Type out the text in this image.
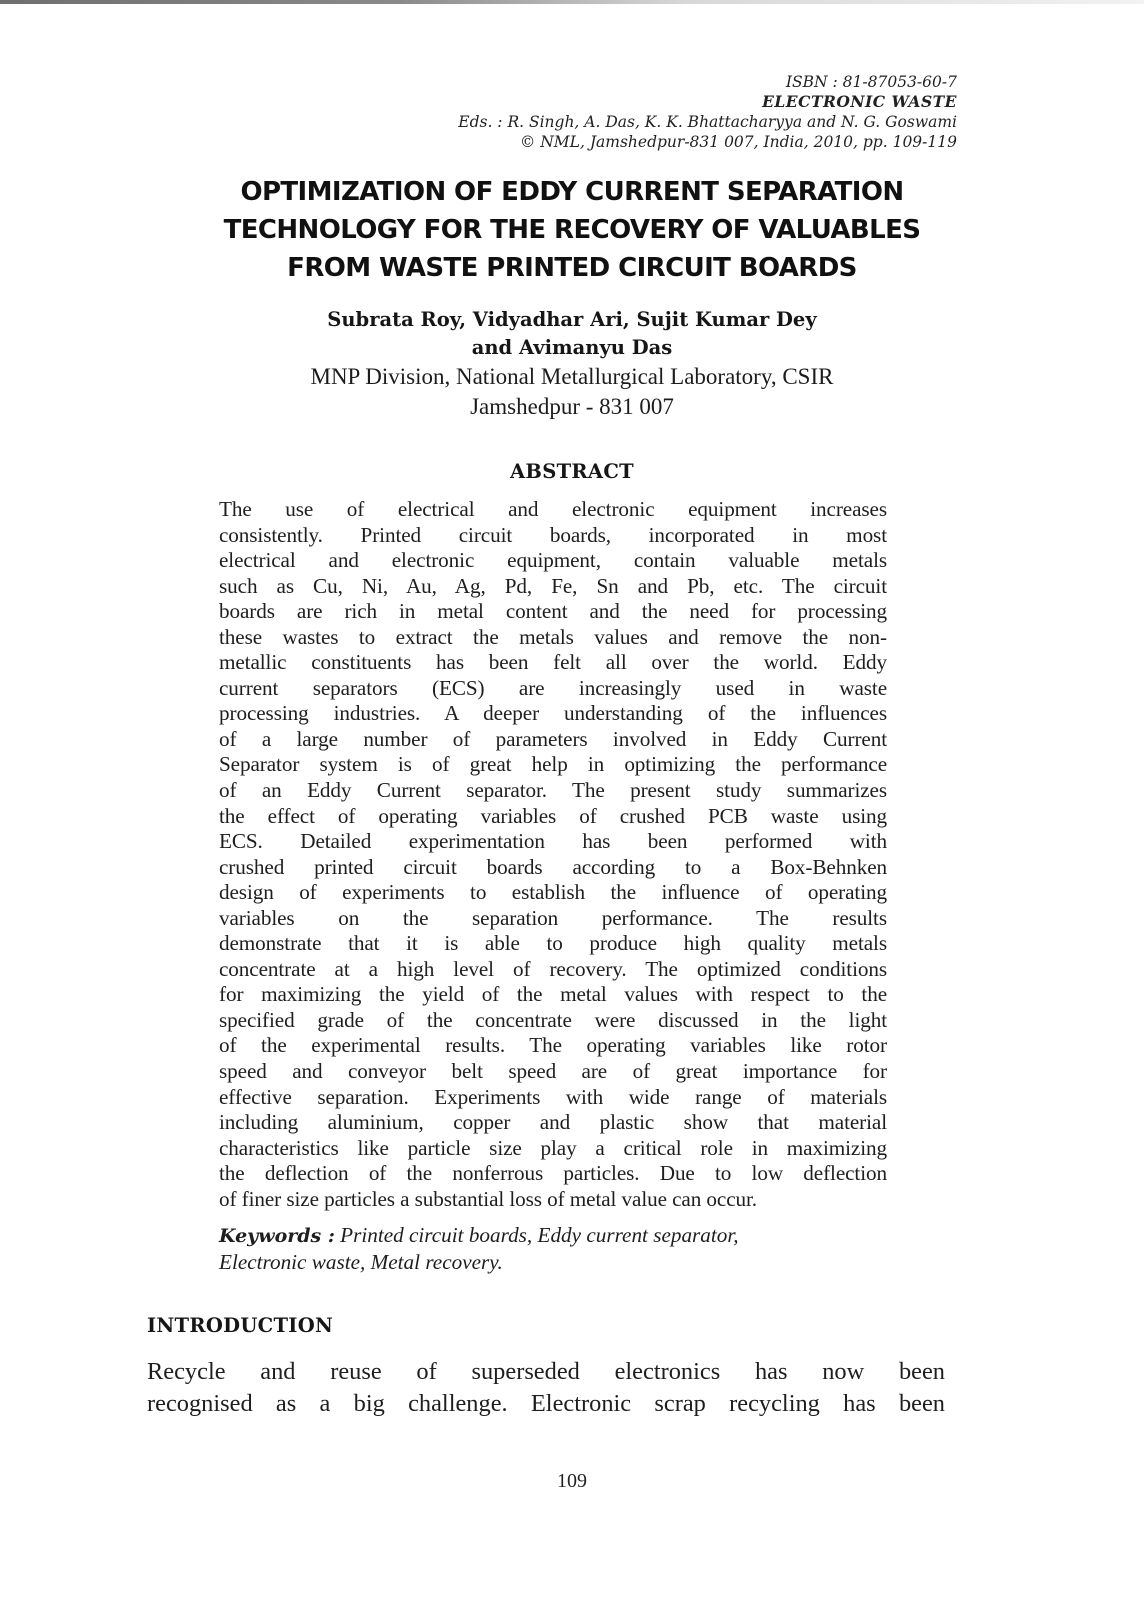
ISBN : 81-87053-60-7
ELECTRONIC WASTE
Eds. : R. Singh, A. Das, K. K. Bhattacharyya and N. G. Goswami
© NML, Jamshedpur-831 007, India, 2010, pp. 109-119
OPTIMIZATION OF EDDY CURRENT SEPARATION
TECHNOLOGY FOR THE RECOVERY OF VALUABLES
FROM WASTE PRINTED CIRCUIT BOARDS
Subrata Roy, Vidyadhar Ari, Sujit Kumar Dey
and Avimanyu Das
MNP Division, National Metallurgical Laboratory, CSIR
Jamshedpur - 831 007
ABSTRACT
The use of electrical and electronic equipment increases
consistently. Printed circuit boards, incorporated in most
electrical and electronic equipment, contain valuable metals
such as Cu, Ni, Au, Ag, Pd, Fe, Sn and Pb, etc. The circuit
boards are rich in metal content and the need for processing
these wastes to extract the metals values and remove the non-
metallic constituents has been felt all over the world. Eddy
current separators (ECS) are increasingly used in waste
processing industries. A deeper understanding of the influences
of a large number of parameters involved in Eddy Current
Separator system is of great help in optimizing the performance
of an Eddy Current separator. The present study summarizes
the effect of operating variables of crushed PCB waste using
ECS. Detailed experimentation has been performed with
crushed printed circuit boards according to a Box-Behnken
design of experiments to establish the influence of operating
variables on the separation performance. The results
demonstrate that it is able to produce high quality metals
concentrate at a high level of recovery. The optimized conditions
for maximizing the yield of the metal values with respect to the
specified grade of the concentrate were discussed in the light
of the experimental results. The operating variables like rotor
speed and conveyor belt speed are of great importance for
effective separation. Experiments with wide range of materials
including aluminium, copper and plastic show that material
characteristics like particle size play a critical role in maximizing
the deflection of the nonferrous particles. Due to low deflection
of finer size particles a substantial loss of metal value can occur.
Keywords : Printed circuit boards, Eddy current separator,
Electronic waste, Metal recovery.
INTRODUCTION
Recycle and reuse of superseded electronics has now been
recognised as a big challenge. Electronic scrap recycling has been
109
